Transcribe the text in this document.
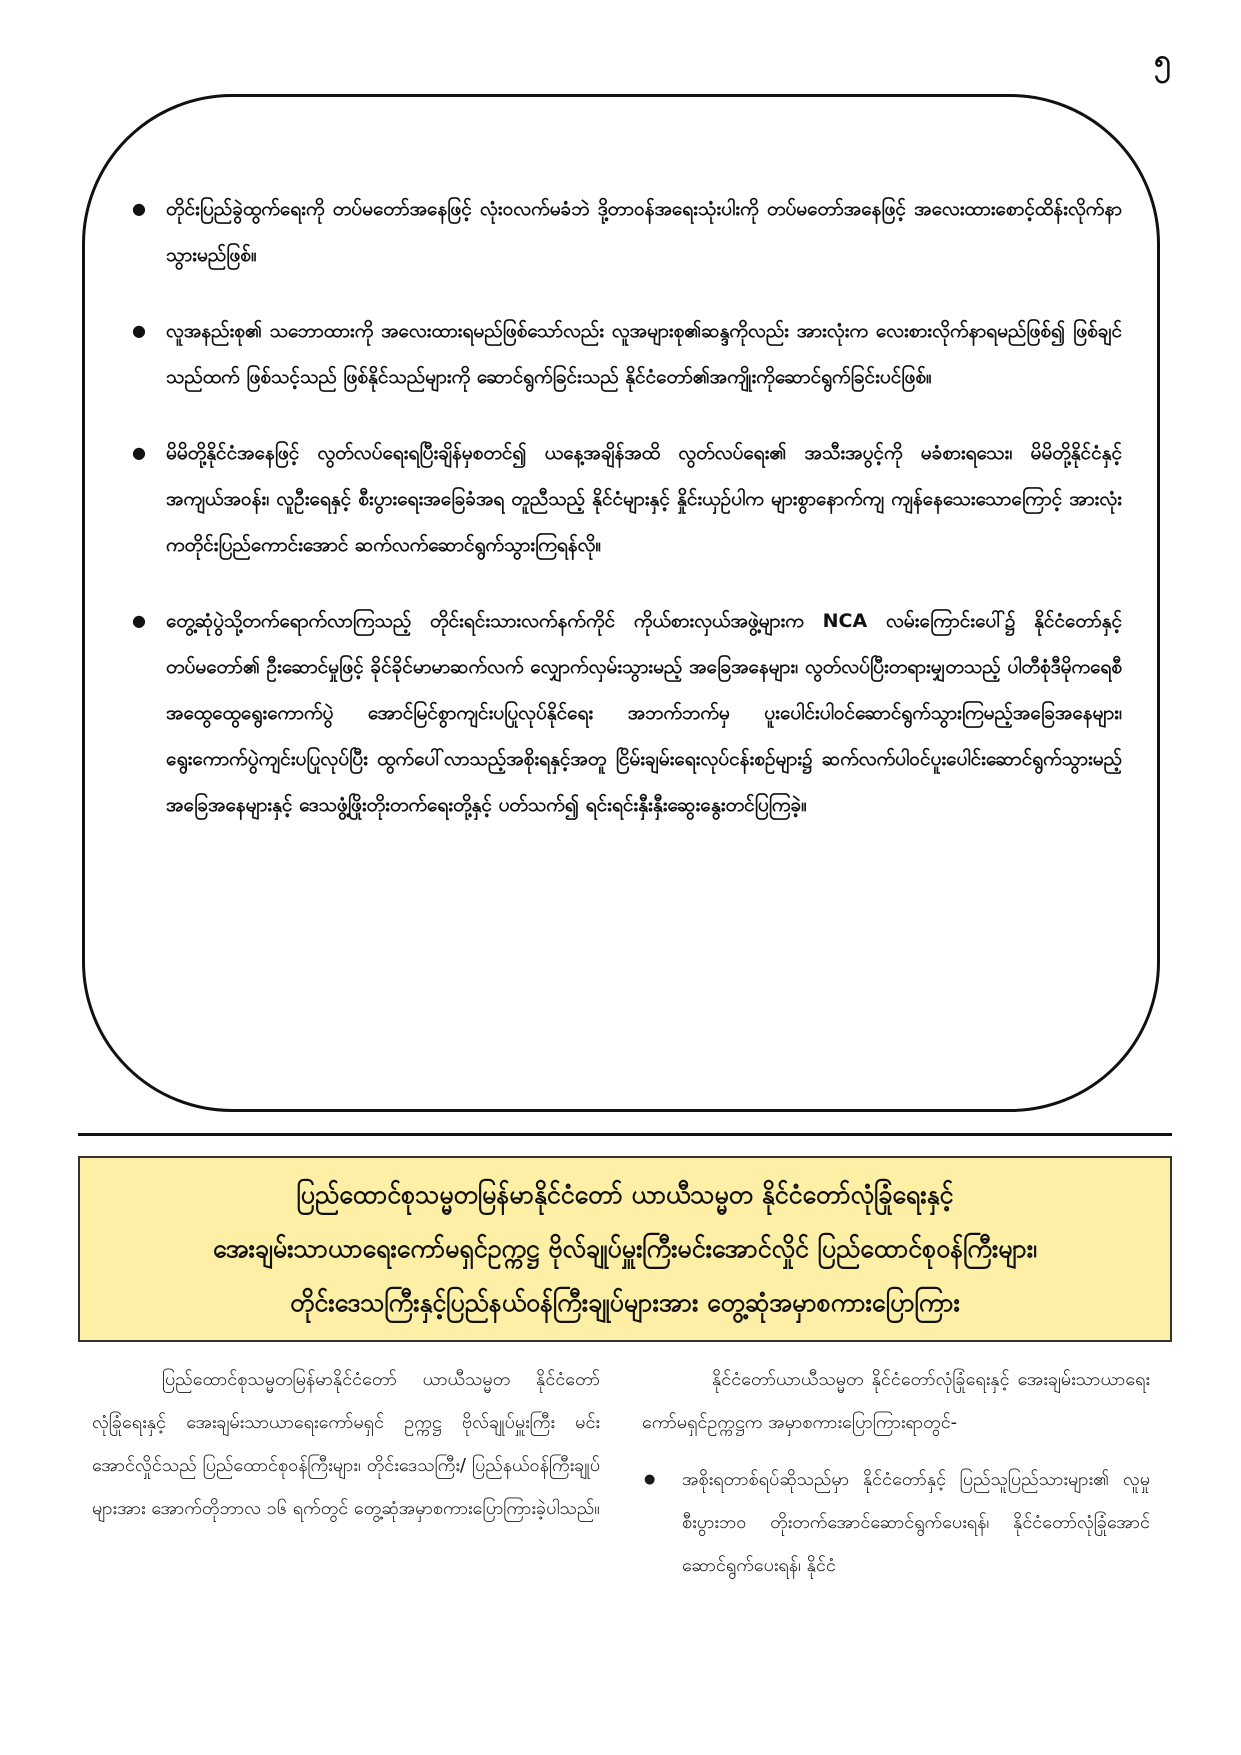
၅
● တိုင်းပြည်ခွဲထွက်ရေးကို တပ်မတော်အနေဖြင့် လုံးဝလက်မခံဘဲ ဒို့တာဝန်အရေးသုံးပါးကို တပ်မတော်အနေဖြင့် အလေးထားစောင့်ထိန်းလိုက်နာသွားမည်ဖြစ်။
● လူအနည်းစု၏ သဘောထားကို အလေးထားရမည်ဖြစ်သော်လည်း လူအများစု၏ဆန္ဒကိုလည်း အားလုံးက လေးစားလိုက်နာရမည်ဖြစ်၍ ဖြစ်ချင်သည်ထက် ဖြစ်သင့်သည် ဖြစ်နိုင်သည်များကို ဆောင်ရွက်ခြင်းသည် နိုင်ငံတော်၏အကျိုးကိုဆောင်ရွက်ခြင်းပင်ဖြစ်။
● မိမိတို့နိုင်ငံအနေဖြင့် လွတ်လပ်ရေးရပြီးချိန်မှစတင်၍ ယနေ့အချိန်အထိ လွတ်လပ်ရေး၏ အသီးအပွင့်ကို မခံစားရသေး၊ မိမိတို့နိုင်ငံနှင့် အကျယ်အဝန်း၊ လူဦးရေနှင့် စီးပွားရေးအခြေခံအရ တူညီသည့် နိုင်ငံများနှင့် နှိုင်းယှဉ်ပါက များစွာနောက်ကျ ကျန်နေသေးသောကြောင့် အားလုံးကတိုင်းပြည်ကောင်းအောင် ဆက်လက်ဆောင်ရွက်သွားကြရန်လို။
● တွေ့ဆုံပွဲသို့တက်ရောက်လာကြသည့် တိုင်းရင်းသားလက်နက်ကိုင် ကိုယ်စားလှယ်အဖွဲ့များက NCA လမ်းကြောင်းပေါ်၌ နိုင်ငံတော်နှင့်တပ်မတော်၏ ဦးဆောင်မှုဖြင့် ခိုင်ခိုင်မာမာဆက်လက် လျှောက်လှမ်းသွားမည့် အခြေအနေများ၊ လွတ်လပ်ပြီးတရားမျှတသည့် ပါတီစုံဒီမိုကရေစီ အထွေထွေရွေးကောက်ပွဲ အောင်မြင်စွာကျင်းပပြုလုပ်နိုင်ရေး အဘက်ဘက်မှ ပူးပေါင်းပါဝင်ဆောင်ရွက်သွားကြမည့်အခြေအနေများ၊ ရွေးကောက်ပွဲကျင်းပပြုလုပ်ပြီး ထွက်ပေါ်လာသည့်အစိုးရနှင့်အတူ ငြိမ်းချမ်းရေးလုပ်ငန်းစဉ်များ၌ ဆက်လက်ပါဝင်ပူးပေါင်းဆောင်ရွက်သွားမည့်အခြေအနေများနှင့် ဒေသဖွံ့ဖြိုးတိုးတက်ရေးတို့နှင့် ပတ်သက်၍ ရင်းရင်းနှီးနှီးဆွေးနွေးတင်ပြကြခဲ့။
ပြည်ထောင်စုသမ္မတမြန်မာနိုင်ငံတော် ယာယီသမ္မတ နိုင်ငံတော်လုံခြုံရေးနှင့်
အေးချမ်းသာယာရေးကော်မရှင်ဥက္ကဋ္ဌ ဗိုလ်ချုပ်မှူးကြီးမင်းအောင်လှိုင် ပြည်ထောင်စုဝန်ကြီးများ၊
တိုင်းဒေသကြီးနှင့်ပြည်နယ်ဝန်ကြီးချုပ်များအား တွေ့ဆုံအမှာစကားပြောကြား
ပြည်ထောင်စုသမ္မတမြန်မာနိုင်ငံတော် ယာယီသမ္မတ နိုင်ငံတော်လုံခြုံရေးနှင့် အေးချမ်းသာယာရေးကော်မရှင် ဥက္ကဋ္ဌ ဗိုလ်ချုပ်မှူးကြီး မင်းအောင်လှိုင်သည် ပြည်ထောင်စုဝန်ကြီးများ၊ တိုင်းဒေသကြီး/ ပြည်နယ်ဝန်ကြီးချုပ်များအား အောက်တိုဘာလ ၁၆ ရက်တွင် တွေ့ဆုံအမှာစကားပြောကြားခဲ့ပါသည်။

နိုင်ငံတော်ယာယီသမ္မတ နိုင်ငံတော်လုံခြုံရေးနှင့် အေးချမ်းသာယာရေးကော်မရှင်ဥက္ကဋ္ဌက အမှာစကားပြောကြားရာတွင်-

● အစိုးရတာစ်ရပ်ဆိုသည်မှာ နိုင်ငံတော်နှင့် ပြည်သူပြည်သားများ၏ လူမှုစီးပွားဘဝ တိုးတက်အောင်ဆောင်ရွက်ပေးရန်၊ နိုင်ငံတော်လုံခြုံအောင် ဆောင်ရွက်ပေးရန်၊ နိုင်ငံ
